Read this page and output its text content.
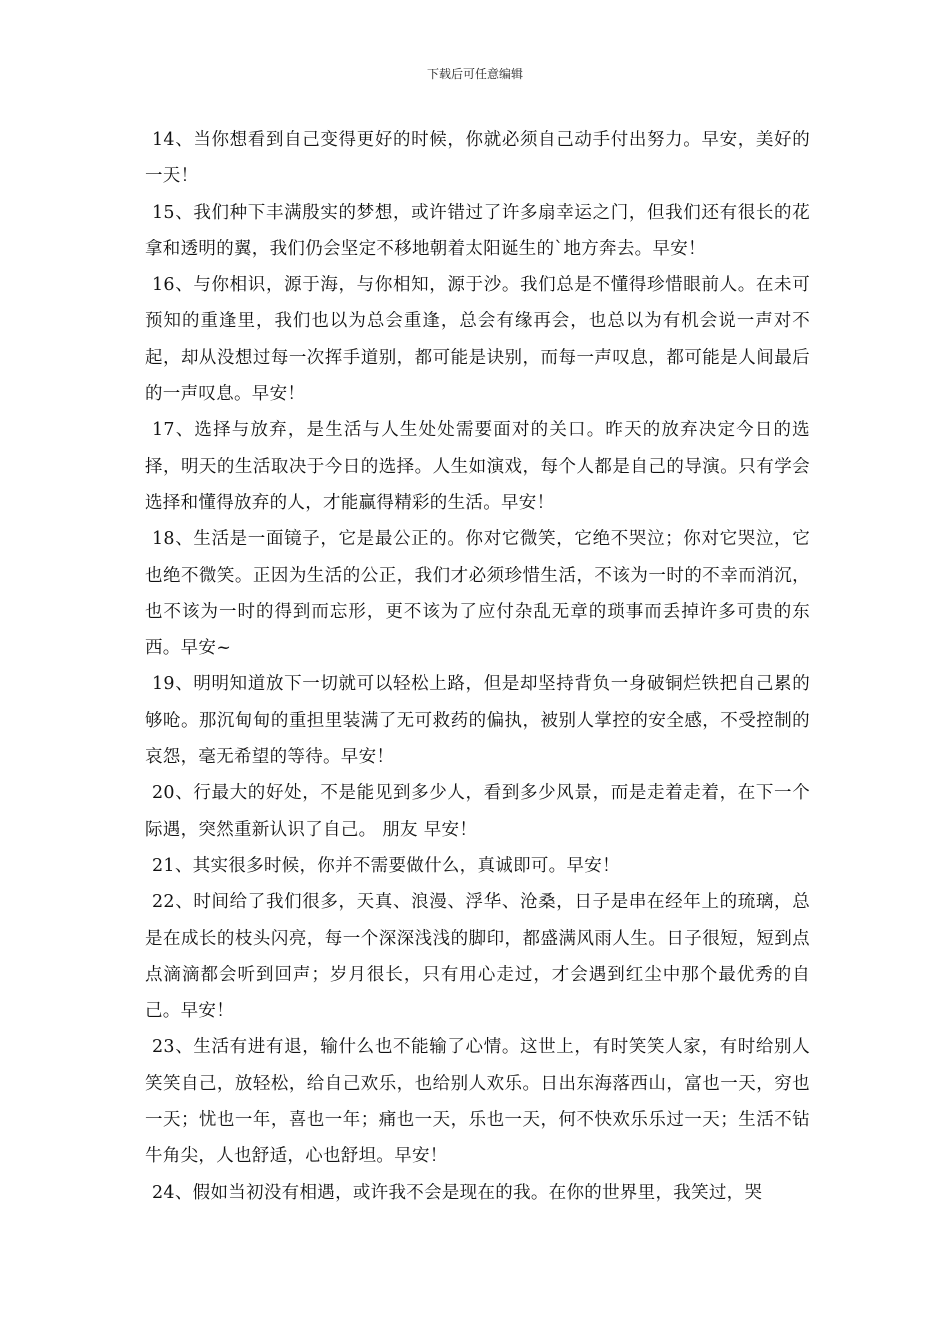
下载后可任意编辑

14、当你想看到自己变得更好的时候，你就必须自己动手付出努力。早安，美好的一天！

15、我们种下丰满殷实的梦想，或许错过了许多扇幸运之门，但我们还有很长的花拿和透明的翼，我们仍会坚定不移地朝着太阳诞生的`地方奔去。早安！

16、与你相识，源于海，与你相知，源于沙。我们总是不懂得珍惜眼前人。在未可预知的重逢里，我们也以为总会重逢，总会有缘再会，也总以为有机会说一声对不起，却从没想过每一次挥手道别，都可能是诀别，而每一声叹息，都可能是人间最后的一声叹息。早安！

17、选择与放弃，是生活与人生处处需要面对的关口。昨天的放弃决定今日的选择，明天的生活取决于今日的选择。人生如演戏，每个人都是自己的导演。只有学会选择和懂得放弃的人，才能赢得精彩的生活。早安！

18、生活是一面镜子，它是最公正的。你对它微笑，它绝不哭泣；你对它哭泣，它也绝不微笑。正因为生活的公正，我们才必须珍惜生活，不该为一时的不幸而消沉，也不该为一时的得到而忘形，更不该为了应付杂乱无章的琐事而丢掉许多可贵的东西。早安~

19、明明知道放下一切就可以轻松上路，但是却坚持背负一身破铜烂铁把自己累的够呛。那沉甸甸的重担里装满了无可救药的偏执，被别人掌控的安全感，不受控制的哀怨，毫无希望的等待。早安！

20、行最大的好处，不是能见到多少人，看到多少风景，而是走着走着，在下一个际遇，突然重新认识了自己。 朋友 早安！

21、其实很多时候，你并不需要做什么，真诚即可。早安！

22、时间给了我们很多，天真、浪漫、浮华、沧桑，日子是串在经年上的琉璃，总是在成长的枝头闪亮，每一个深深浅浅的脚印，都盛满风雨人生。日子很短，短到点点滴滴都会听到回声；岁月很长，只有用心走过，才会遇到红尘中那个最优秀的自己。早安！

23、生活有进有退，输什么也不能输了心情。这世上，有时笑笑人家，有时给别人笑笑自己，放轻松，给自己欢乐，也给别人欢乐。日出东海落西山，富也一天，穷也一天；忧也一年，喜也一年；痛也一天，乐也一天，何不快欢乐乐过一天；生活不钻牛角尖，人也舒适，心也舒坦。早安！

24、假如当初没有相遇，或许我不会是现在的我。在你的世界里，我笑过，哭
